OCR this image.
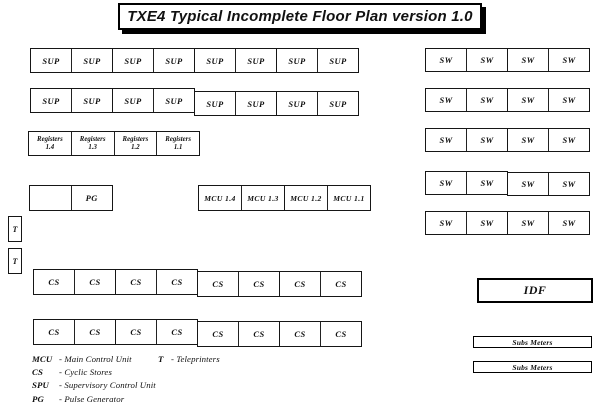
TXE4 Typical Incomplete Floor Plan version 1.0
SUP	SUP	SUP	SUP	SUP	SUP	SUP	SUP
SUP	SUP	SUP	SUP	SUP	SUP	SUP	SUP
Registers
1.4
Registers
1.3
Registers
1.2
Registers
1.1
PG	MCU 1.4	MCU 1.3	MCU 1.2	MCU 1.1
T
T
CS	CS	CS	CS	CS	CS	CS	CS
CS	CS	CS	CS	CS	CS	CS	CS
SW	SW	SW	SW
SW	SW	SW	SW
SW	SW	SW	SW
SW	SW	SW	SW
SW	SW	SW	SW
IDF
Subs Meters
Subs Meters
MCU - Main Control Unit	T - Teleprinters
CS	- Cyclic Stores
SPU	- Supervisory Control Unit
PG	- Pulse Generator
